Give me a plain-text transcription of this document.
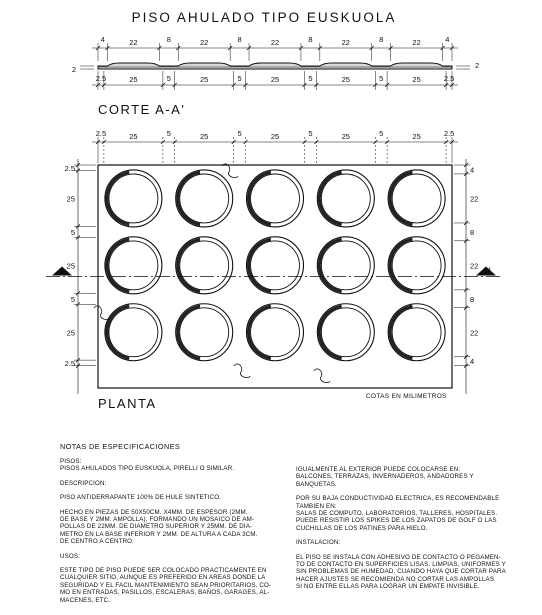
PISO AHULADO TIPO EUSKUOLA
4	22	8	22	8	22	8	22	8	22	4
2.5	25	5	25	5	25	5	25	5	25	2.5
2	2
CORTE A-A'
2.5	25	5	25	5	25	5	25	5	25	2.5
2.5
25
5
25
5
25
2.5
4
22
8
22
8
22
4
PLANTA	COTAS EN MILIMETROS
A	A'
NOTAS DE ESPECIFICACIONES

PISOS:

PISOS AHULADOS TIPO EUSKUOLA, PIRELLI O SIMILAR.

DESCRIPCION:

PISO ANTIDERRAPANTE 100% DE HULE SINTETICO.

HECHO EN PIEZAS DE 50X50CM. X4MM. DE ESPESOR (2MM.
DE BASE Y 2MM. AMPOLLA), FORMANDO UN MOSAICO DE AM-
POLLAS DE 22MM. DE DIAMETRO SUPERIOR Y 25MM. DE DIA-
METRO EN LA BASE INFERIOR Y 2MM. DE ALTURA A CADA 3CM.
DE CENTRO A CENTRO.

USOS:

ESTE TIPO DE PISO PUEDE SER COLOCADO PRACTICAMENTE EN
CUALQUIER SITIO, AUNQUE ES PREFERIDO EN AREAS DONDE LA
SEGURIDAD Y EL FACIL MANTENIMIENTO SEAN PRIORITARIOS, CO-
MO EN ENTRADAS, PASILLOS, ESCALERAS, BAÑOS, GARAGES, AL-
MACENES, ETC.

IGUALMENTE AL EXTERIOR PUEDE COLOCARSE EN:
BALCONES, TERRAZAS, INVERNADEROS, ANDADORES Y BANQUETAS.

POR SU BAJA CONDUCTIVIDAD ELECTRICA, ES RECOMENDABLE
TAMBIEN EN:
SALAS DE COMPUTO, LABORATORIOS, TALLERES, HOSPITALES.
PUEDE RESISTIR LOS SPIKES DE LOS ZAPATOS DE GOLF O LAS
CUCHILLAS DE LOS PATINES PARA HIELO.

INSTALACION:

EL PISO SE INSTALA CON ADHESIVO DE CONTACTO O PEGAMEN-
TO DE CONTACTO EN SUPERFICIES LISAS, LIMPIAS, UNIFORMES Y
SIN PROBLEMAS DE HUMEDAD. CUANDO HAYA QUE CORTAR PARA
HACER AJUSTES SE RECOMIENDA NO CORTAR LAS AMPOLLAS
SI NO ENTRE ELLAS PARA LOGRAR UN EMPATE INVISIBLE.
